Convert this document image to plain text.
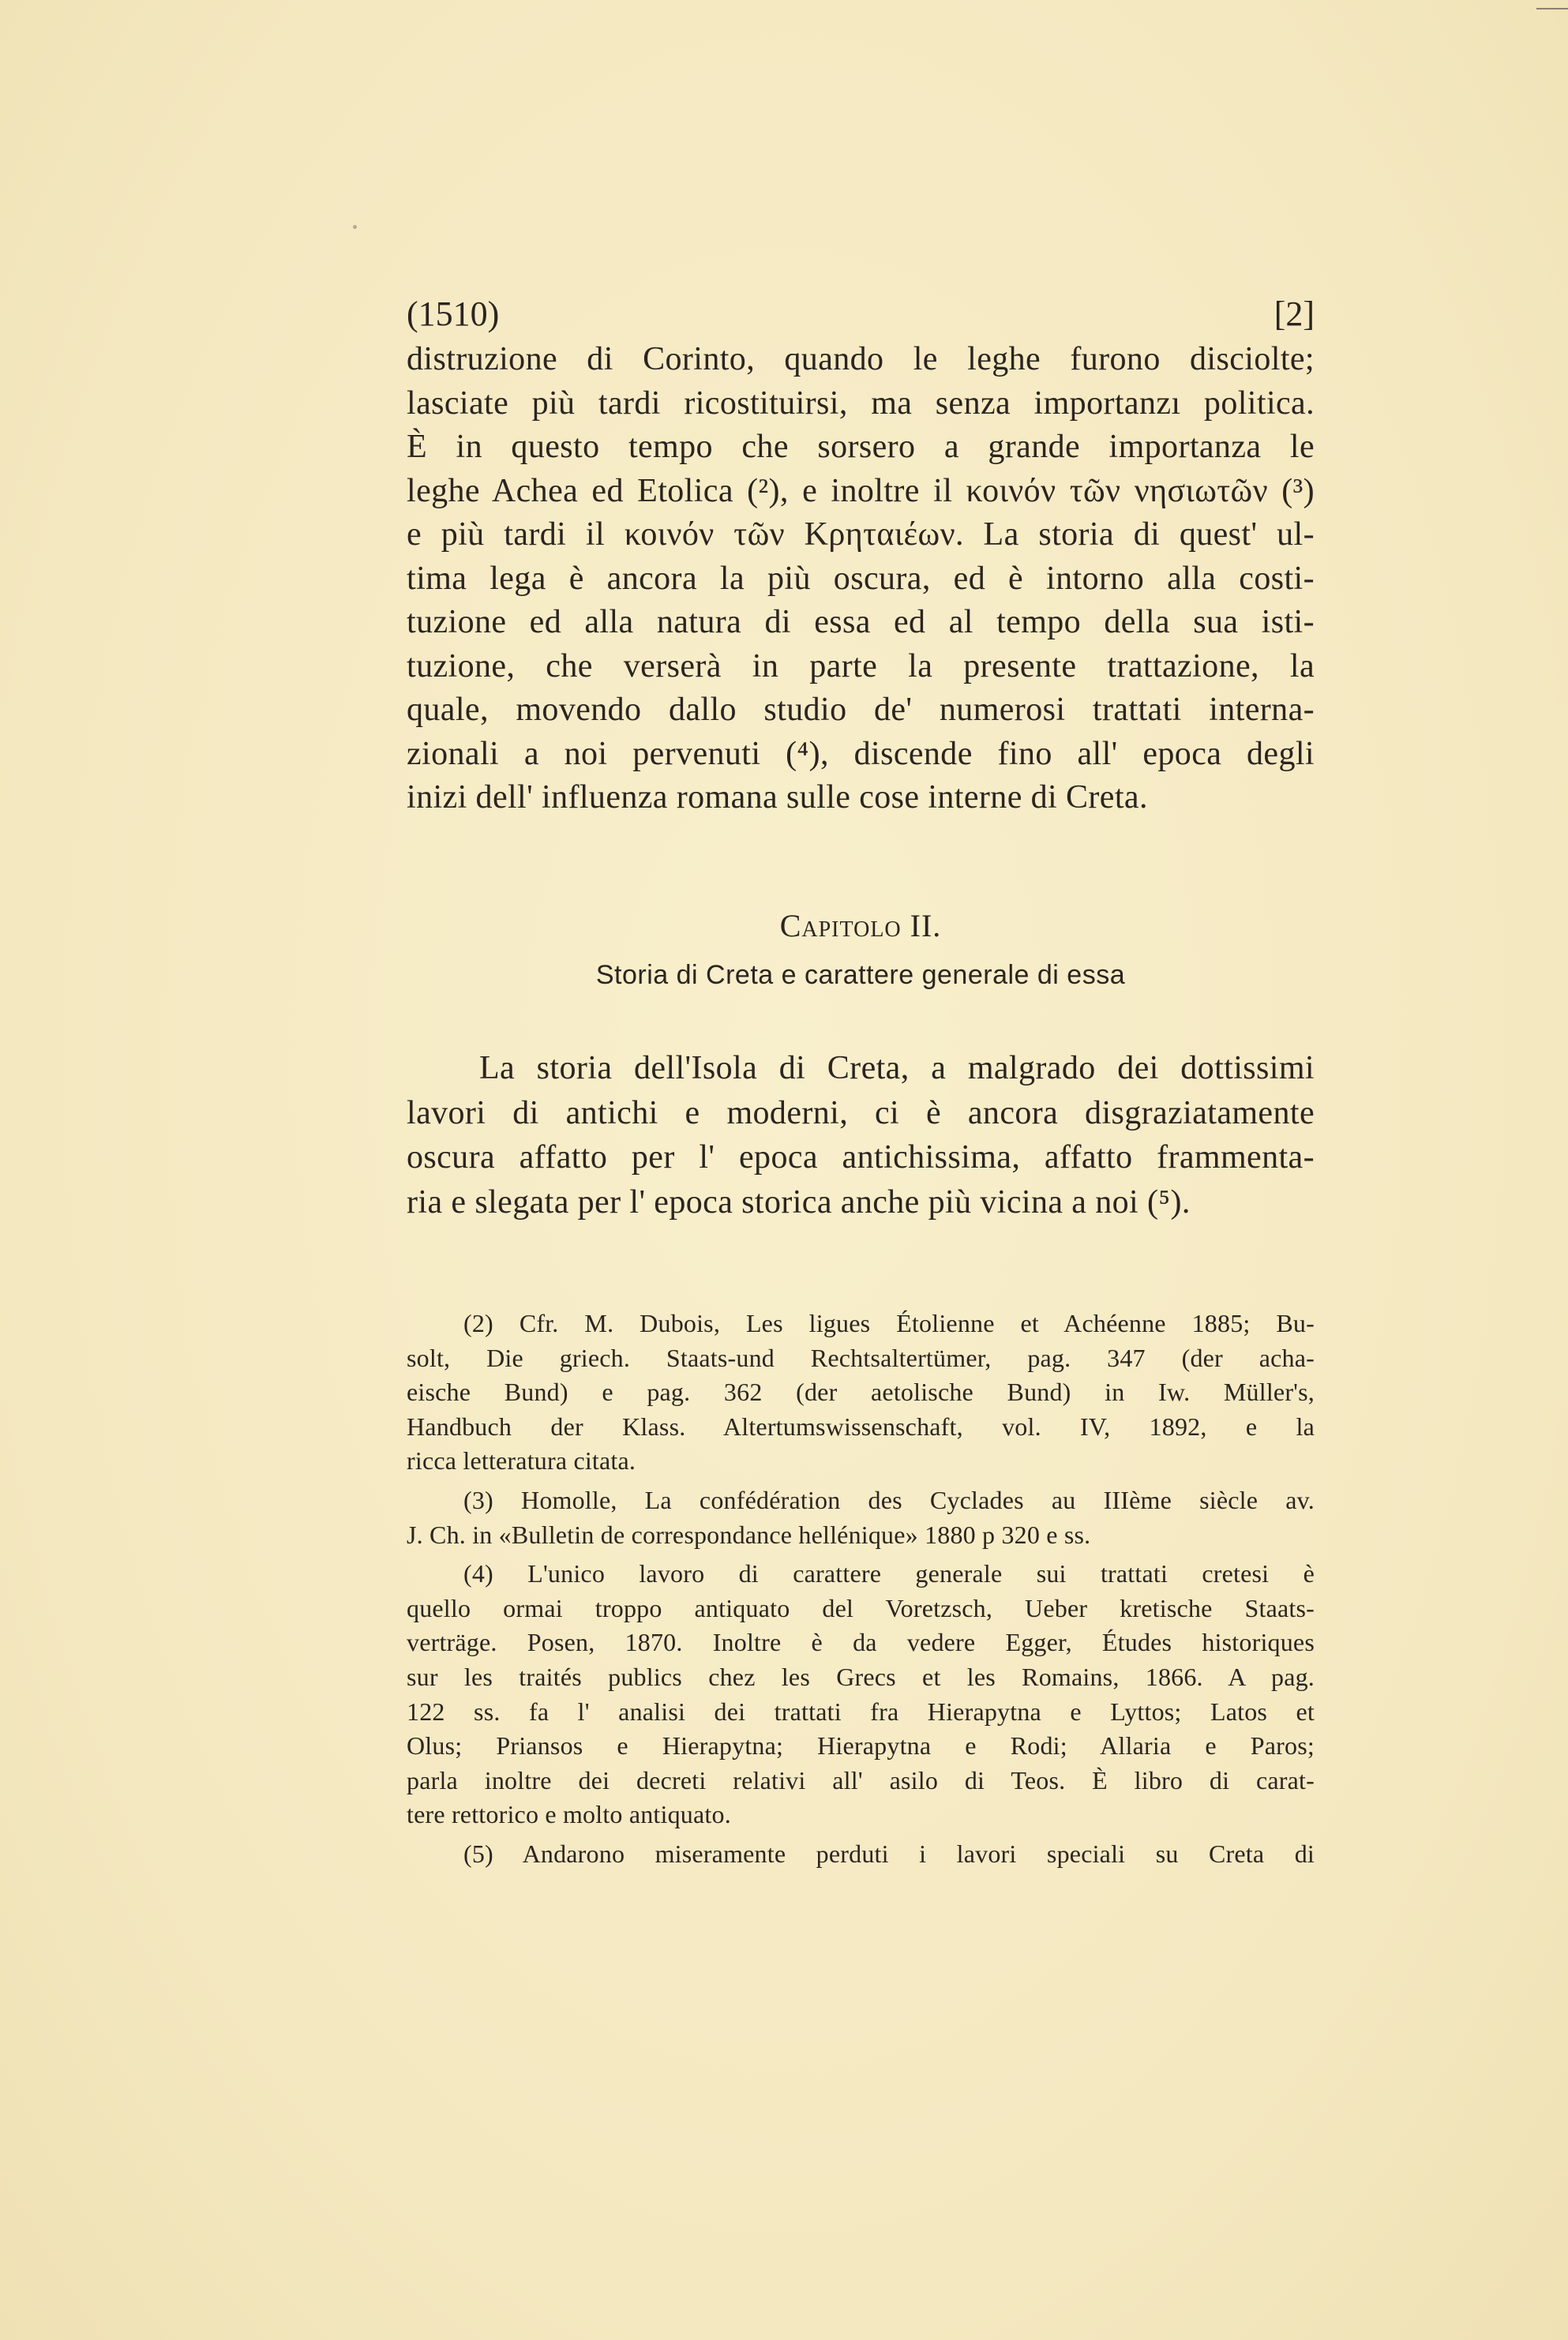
(1510)	[2]
distruzione di Corinto, quando le leghe furono disciolte;
lasciate più tardi ricostituirsi, ma senza importanzı politica.
È in questo tempo che sorsero a grande importanza le
leghe Achea ed Etolica (²), e inoltre il κοινόν τῶν νησιωτῶν (³)
e più tardi il κοινόν τῶν Κρηταιέων. La storia di quest' ul-
tima lega è ancora la più oscura, ed è intorno alla costi-
tuzione ed alla natura di essa ed al tempo della sua isti-
tuzione, che verserà in parte la presente trattazione, la
quale, movendo dallo studio de' numerosi trattati interna-
zionali a noi pervenuti (⁴), discende fino all' epoca degli
inizi dell' influenza romana sulle cose interne di Creta.
Capitolo II.
Storia di Creta e carattere generale di essa
La storia dell'Isola di Creta, a malgrado dei dottissimi
lavori di antichi e moderni, ci è ancora disgraziatamente
oscura affatto per l' epoca antichissima, affatto frammenta-
ria e slegata per l' epoca storica anche più vicina a noi (⁵).
(2) Cfr. M. Dubois, Les ligues Étolienne et Achéenne 1885; Bu-
solt, Die griech. Staats-und Rechtsaltertümer, pag. 347 (der acha-
eische Bund) e pag. 362 (der aetolische Bund) in Iw. Müller's,
Handbuch der Klass. Altertumswissenschaft, vol. IV, 1892, e la
ricca letteratura citata.
(3) Homolle, La confédération des Cyclades au IIIème siècle av.
J. Ch. in «Bulletin de correspondance hellénique» 1880 p 320 e ss.
(4) L'unico lavoro di carattere generale sui trattati cretesi è
quello ormai troppo antiquato del Voretzsch, Ueber kretische Staats-
verträge. Posen, 1870. Inoltre è da vedere Egger, Études historiques
sur les traités publics chez les Grecs et les Romains, 1866. A pag.
122 ss. fa l' analisi dei trattati fra Hierapytna e Lyttos; Latos et
Olus; Priansos e Hierapytna; Hierapytna e Rodi; Allaria e Paros;
parla inoltre dei decreti relativi all' asilo di Teos. È libro di carat-
tere rettorico e molto antiquato.
(5) Andarono miseramente perduti i lavori speciali su Creta di
